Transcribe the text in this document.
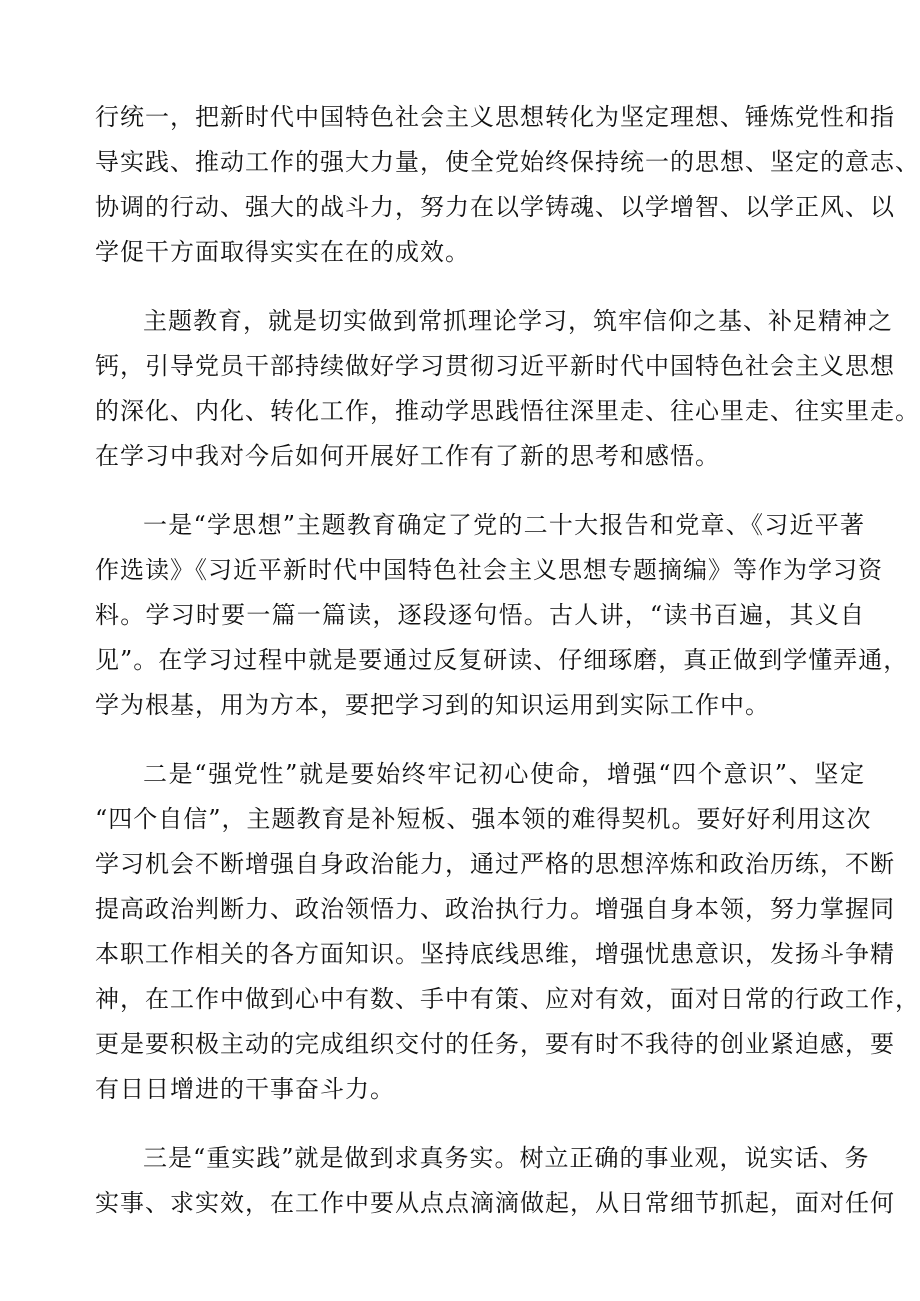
行统一，把新时代中国特色社会主义思想转化为坚定理想、锤炼党性和指
导实践、推动工作的强大力量，使全党始终保持统一的思想、坚定的意志、
协调的行动、强大的战斗力，努力在以学铸魂、以学增智、以学正风、以
学促干方面取得实实在在的成效。
主题教育，就是切实做到常抓理论学习，筑牢信仰之基、补足精神之
钙，引导党员干部持续做好学习贯彻习近平新时代中国特色社会主义思想
的深化、内化、转化工作，推动学思践悟往深里走、往心里走、往实里走。
在学习中我对今后如何开展好工作有了新的思考和感悟。
一是“学思想”主题教育确定了党的二十大报告和党章、《习近平著
作选读》《习近平新时代中国特色社会主义思想专题摘编》等作为学习资
料。学习时要一篇一篇读，逐段逐句悟。古人讲，“读书百遍，其义自
见”。在学习过程中就是要通过反复研读、仔细琢磨，真正做到学懂弄通，
学为根基，用为方本，要把学习到的知识运用到实际工作中。
二是“强党性”就是要始终牢记初心使命，增强“四个意识”、坚定
“四个自信”，主题教育是补短板、强本领的难得契机。要好好利用这次
学习机会不断增强自身政治能力，通过严格的思想淬炼和政治历练，不断
提高政治判断力、政治领悟力、政治执行力。增强自身本领，努力掌握同
本职工作相关的各方面知识。坚持底线思维，增强忧患意识，发扬斗争精
神，在工作中做到心中有数、手中有策、应对有效，面对日常的行政工作，
更是要积极主动的完成组织交付的任务，要有时不我待的创业紧迫感，要
有日日增进的干事奋斗力。
三是“重实践”就是做到求真务实。树立正确的事业观，说实话、务
实事、求实效，在工作中要从点点滴滴做起，从日常细节抓起，面对任何
